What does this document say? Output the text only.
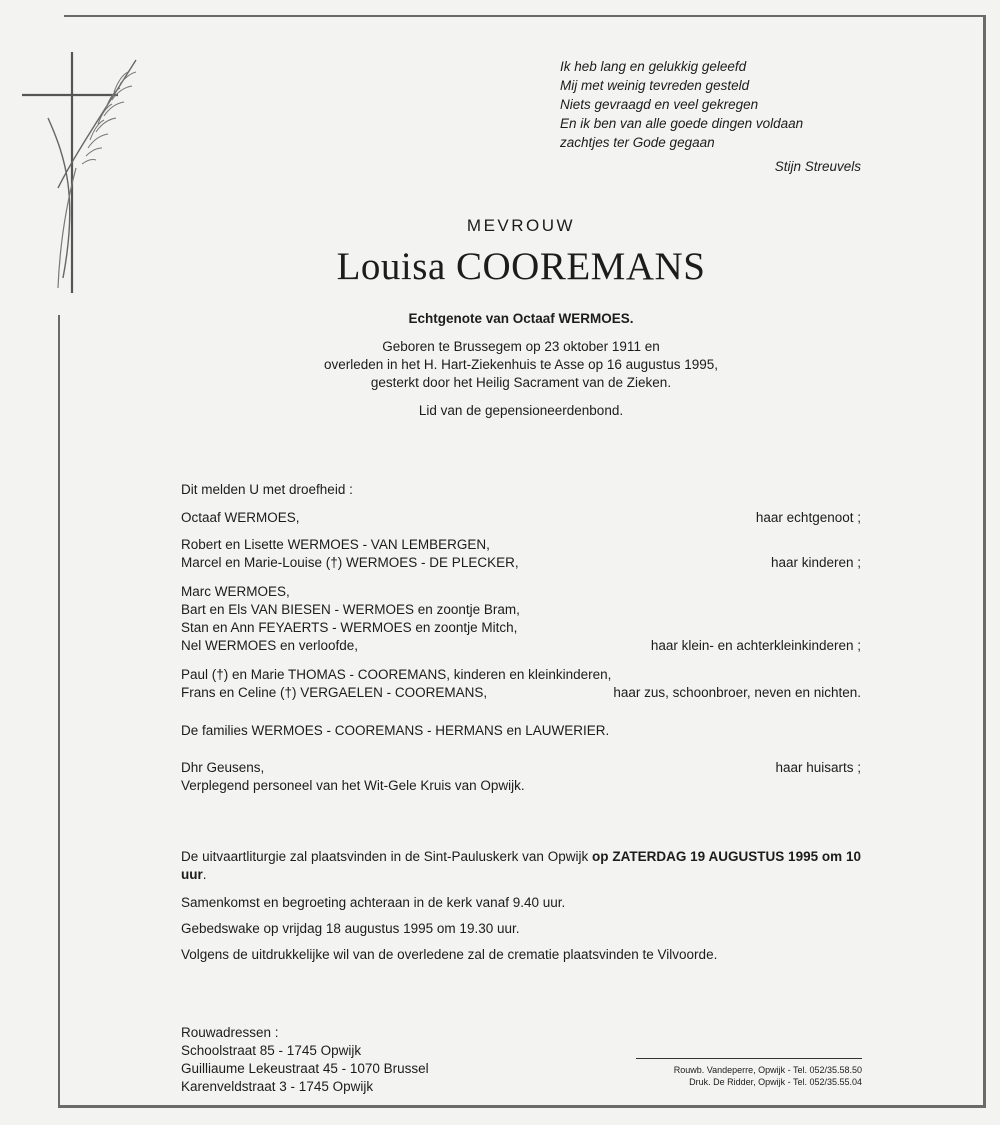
Ik heb lang en gelukkig geleefd
Mij met weinig tevreden gesteld
Niets gevraagd en veel gekregen
En ik ben van alle goede dingen voldaan
zachtjes ter Gode gegaan
Stijn Streuvels
MEVROUW
Louisa COOREMANS
Echtgenote van Octaaf WERMOES.
Geboren te Brussegem op 23 oktober 1911 en
overleden in het H. Hart-Ziekenhuis te Asse op 16 augustus 1995,
gesterkt door het Heilig Sacrament van de Zieken.
Lid van de gepensioneerdenbond.
Dit melden U met droefheid :
Octaaf WERMOES,	haar echtgenoot ;
Robert en Lisette WERMOES - VAN LEMBERGEN,
Marcel en Marie-Louise (†) WERMOES - DE PLECKER,	haar kinderen ;
Marc WERMOES,
Bart en Els VAN BIESEN - WERMOES en zoontje Bram,
Stan en Ann FEYAERTS - WERMOES en zoontje Mitch,
Nel WERMOES en verloofde,	haar klein- en achterkleinkinderen ;
Paul (†) en Marie THOMAS - COOREMANS, kinderen en kleinkinderen,
Frans en Celine (†) VERGAELEN - COOREMANS,	haar zus, schoonbroer, neven en nichten.
De families WERMOES - COOREMANS - HERMANS en LAUWERIER.
Dhr Geusens,	haar huisarts ;
Verplegend personeel van het Wit-Gele Kruis van Opwijk.
De uitvaartliturgie zal plaatsvinden in de Sint-Pauluskerk van Opwijk op ZATERDAG 19 AUGUSTUS 1995 om 10 uur.
Samenkomst en begroeting achteraan in de kerk vanaf 9.40 uur.
Gebedswake op vrijdag 18 augustus 1995 om 19.30 uur.
Volgens de uitdrukkelijke wil van de overledene zal de crematie plaatsvinden te Vilvoorde.
Rouwadressen :
Schoolstraat 85 - 1745 Opwijk
Guilliaume Lekeustraat 45 - 1070 Brussel
Karenveldstraat 3 - 1745 Opwijk
Rouwb. Vandeperre, Opwijk - Tel. 052/35.58.50
Druk. De Ridder, Opwijk - Tel. 052/35.55.04
